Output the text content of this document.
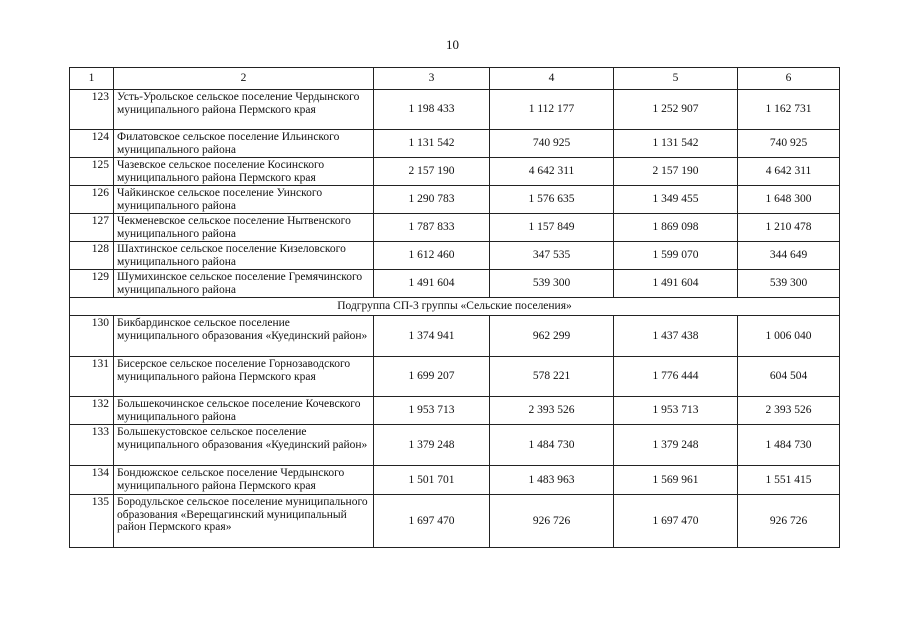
10
1	2	3	4	5	6
123	Усть-Урольское сельское поселение Чердынского муниципального района Пермского края	1 198 433	1 112 177	1 252 907	1 162 731
124	Филатовское сельское поселение Ильинского муниципального района	1 131 542	740 925	1 131 542	740 925
125	Чазевское сельское поселение Косинского муниципального района Пермского края	2 157 190	4 642 311	2 157 190	4 642 311
126	Чайкинское сельское поселение Уинского муниципального района	1 290 783	1 576 635	1 349 455	1 648 300
127	Чекменевское сельское поселение Нытвенского муниципального района	1 787 833	1 157 849	1 869 098	1 210 478
128	Шахтинское сельское поселение Кизеловского муниципального района	1 612 460	347 535	1 599 070	344 649
129	Шумихинское сельское поселение Гремячинского муниципального района	1 491 604	539 300	1 491 604	539 300
Подгруппа СП-3 группы «Сельские поселения»					
130	Бикбардинское сельское поселение муниципального образования «Куединский район»	1 374 941	962 299	1 437 438	1 006 040
131	Бисерское сельское поселение Горнозаводского муниципального района Пермского края	1 699 207	578 221	1 776 444	604 504
132	Большекочинское сельское поселение Кочевского муниципального района	1 953 713	2 393 526	1 953 713	2 393 526
133	Большекустовское сельское поселение муниципального образования «Куединский район»	1 379 248	1 484 730	1 379 248	1 484 730
134	Бондюжское сельское поселение Чердынского муниципального района Пермского края	1 501 701	1 483 963	1 569 961	1 551 415
135	Бородульское сельское поселение муниципального образования «Верещагинский муниципальный район Пермского края»	1 697 470	926 726	1 697 470	926 726
